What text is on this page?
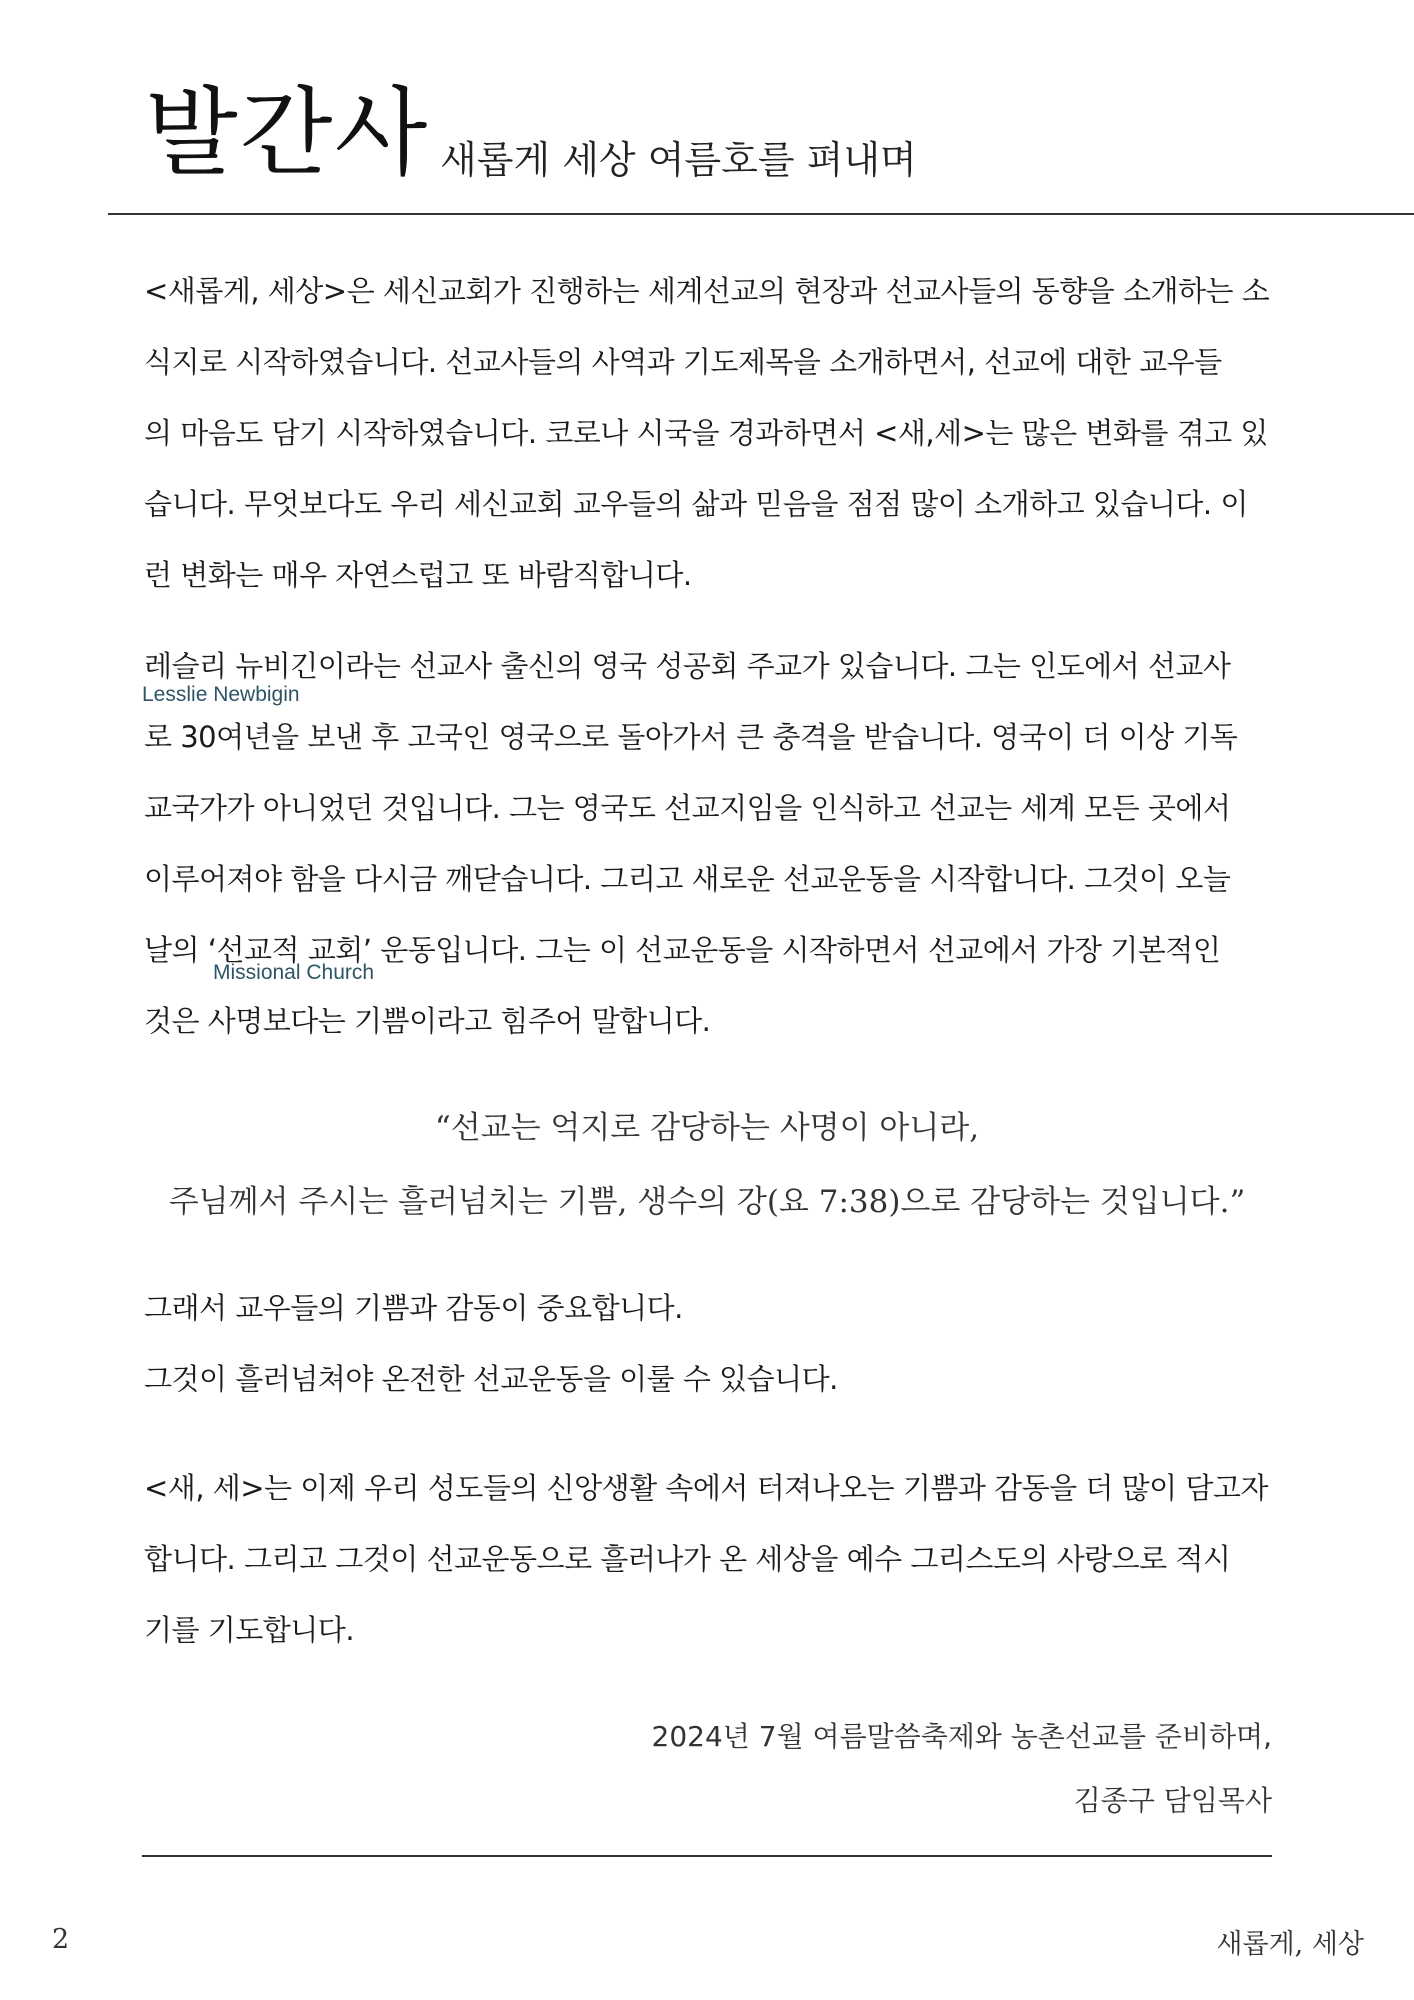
발간사 새롭게 세상 여름호를 펴내며
<새롭게, 세상>은 세신교회가 진행하는 세계선교의 현장과 선교사들의 동향을 소개하는 소
식지로 시작하였습니다. 선교사들의 사역과 기도제목을 소개하면서, 선교에 대한 교우들
의 마음도 담기 시작하였습니다. 코로나 시국을 경과하면서 <새,세>는 많은 변화를 겪고 있
습니다. 무엇보다도 우리 세신교회 교우들의 삶과 믿음을 점점 많이 소개하고 있습니다. 이
런 변화는 매우 자연스럽고 또 바람직합니다.
레슬리 뉴비긴이라는 선교사 출신의 영국 성공회 주교가 있습니다. 그는 인도에서 선교사
로 30여년을 보낸 후 고국인 영국으로 돌아가서 큰 충격을 받습니다. 영국이 더 이상 기독
교국가가 아니었던 것입니다. 그는 영국도 선교지임을 인식하고 선교는 세계 모든 곳에서
이루어져야 함을 다시금 깨닫습니다. 그리고 새로운 선교운동을 시작합니다. 그것이 오늘
날의 ‘선교적 교회’ 운동입니다. 그는 이 선교운동을 시작하면서 선교에서 가장 기본적인
것은 사명보다는 기쁨이라고 힘주어 말합니다.
Lesslie Newbigin
Missional Church
“선교는 억지로 감당하는 사명이 아니라,
주님께서 주시는 흘러넘치는 기쁨, 생수의 강(요 7:38)으로 감당하는 것입니다.”
그래서 교우들의 기쁨과 감동이 중요합니다.
그것이 흘러넘쳐야 온전한 선교운동을 이룰 수 있습니다.
<새, 세>는 이제 우리 성도들의 신앙생활 속에서 터져나오는 기쁨과 감동을 더 많이 담고자
합니다. 그리고 그것이 선교운동으로 흘러나가 온 세상을 예수 그리스도의 사랑으로 적시
기를 기도합니다.
2024년 7월 여름말씀축제와 농촌선교를 준비하며,
김종구 담임목사
2	새롭게, 세상
